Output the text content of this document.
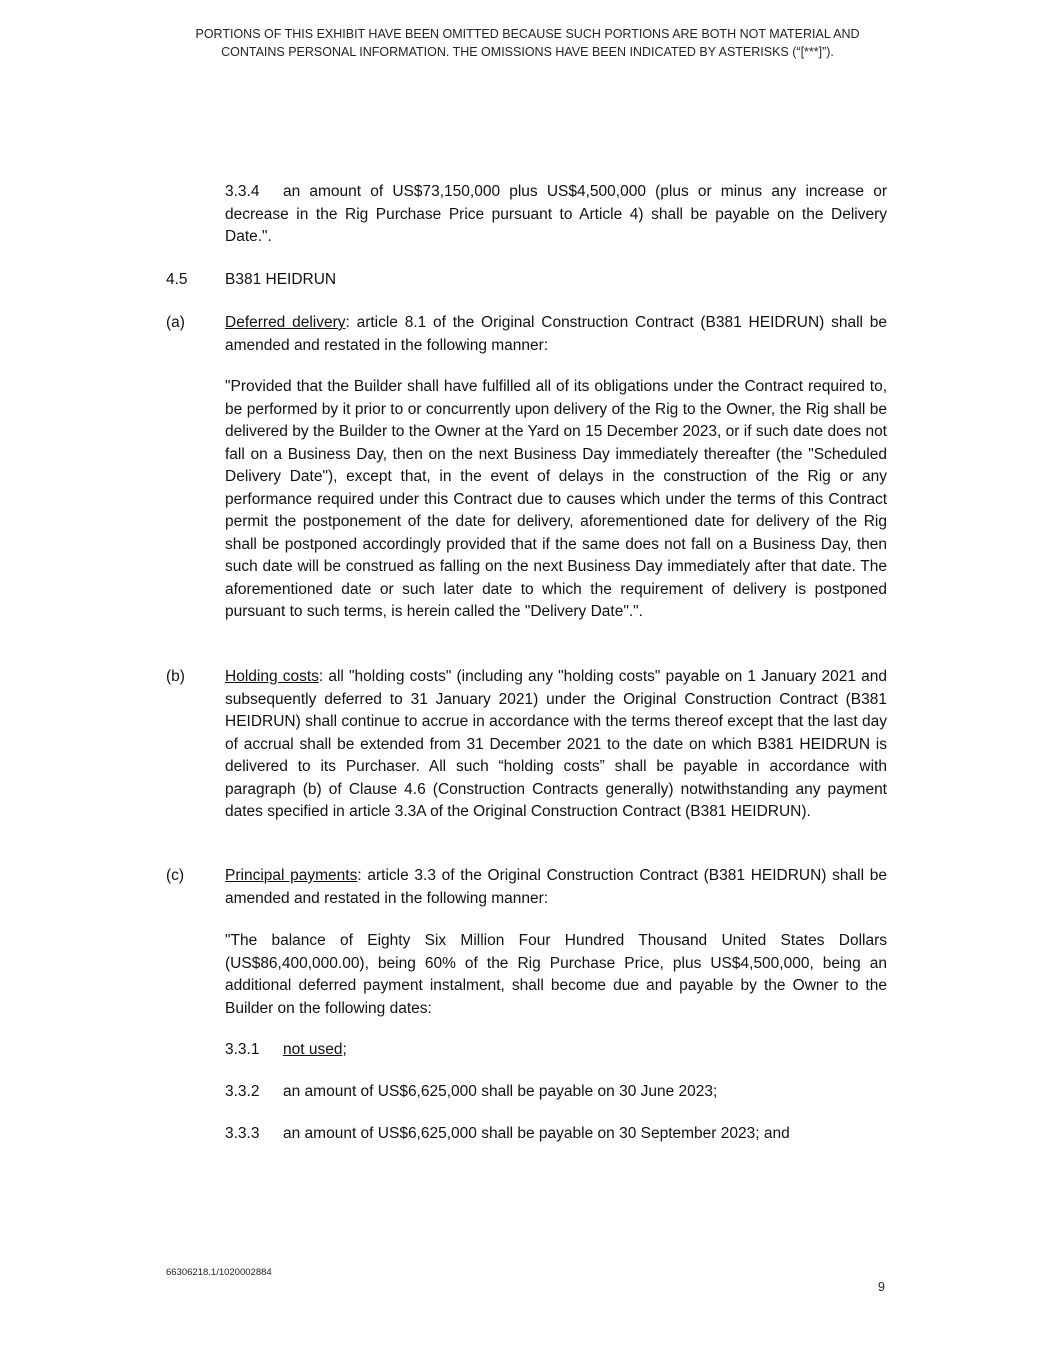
PORTIONS OF THIS EXHIBIT HAVE BEEN OMITTED BECAUSE SUCH PORTIONS ARE BOTH NOT MATERIAL AND
CONTAINS PERSONAL INFORMATION. THE OMISSIONS HAVE BEEN INDICATED BY ASTERISKS (“[***]”).
3.3.4 an amount of US$73,150,000 plus US$4,500,000 (plus or minus any increase or decrease in the Rig Purchase Price pursuant to Article 4) shall be payable on the Delivery Date.".
4.5 B381 HEIDRUN
(a)	Deferred delivery: article 8.1 of the Original Construction Contract (B381 HEIDRUN) shall be amended and restated in the following manner:
"Provided that the Builder shall have fulfilled all of its obligations under the Contract required to, be performed by it prior to or concurrently upon delivery of the Rig to the Owner, the Rig shall be delivered by the Builder to the Owner at the Yard on 15 December 2023, or if such date does not fall on a Business Day, then on the next Business Day immediately thereafter (the "Scheduled Delivery Date"), except that, in the event of delays in the construction of the Rig or any performance required under this Contract due to causes which under the terms of this Contract permit the postponement of the date for delivery, aforementioned date for delivery of the Rig shall be postponed accordingly provided that if the same does not fall on a Business Day, then such date will be construed as falling on the next Business Day immediately after that date. The aforementioned date or such later date to which the requirement of delivery is postponed pursuant to such terms, is herein called the "Delivery Date".".
(b)	Holding costs: all "holding costs" (including any "holding costs" payable on 1 January 2021 and subsequently deferred to 31 January 2021) under the Original Construction Contract (B381 HEIDRUN) shall continue to accrue in accordance with the terms thereof except that the last day of accrual shall be extended from 31 December 2021 to the date on which B381 HEIDRUN is delivered to its Purchaser. All such “holding costs” shall be payable in accordance with paragraph (b) of Clause 4.6 (Construction Contracts generally) notwithstanding any payment dates specified in article 3.3A of the Original Construction Contract (B381 HEIDRUN).
(c)	Principal payments: article 3.3 of the Original Construction Contract (B381 HEIDRUN) shall be amended and restated in the following manner:
"The balance of Eighty Six Million Four Hundred Thousand United States Dollars (US$86,400,000.00), being 60% of the Rig Purchase Price, plus US$4,500,000, being an additional deferred payment instalment, shall become due and payable by the Owner to the Builder on the following dates:
3.3.1 not used;
3.3.2 an amount of US$6,625,000 shall be payable on 30 June 2023;
3.3.3 an amount of US$6,625,000 shall be payable on 30 September 2023; and
66306218.1/1020002884
9
